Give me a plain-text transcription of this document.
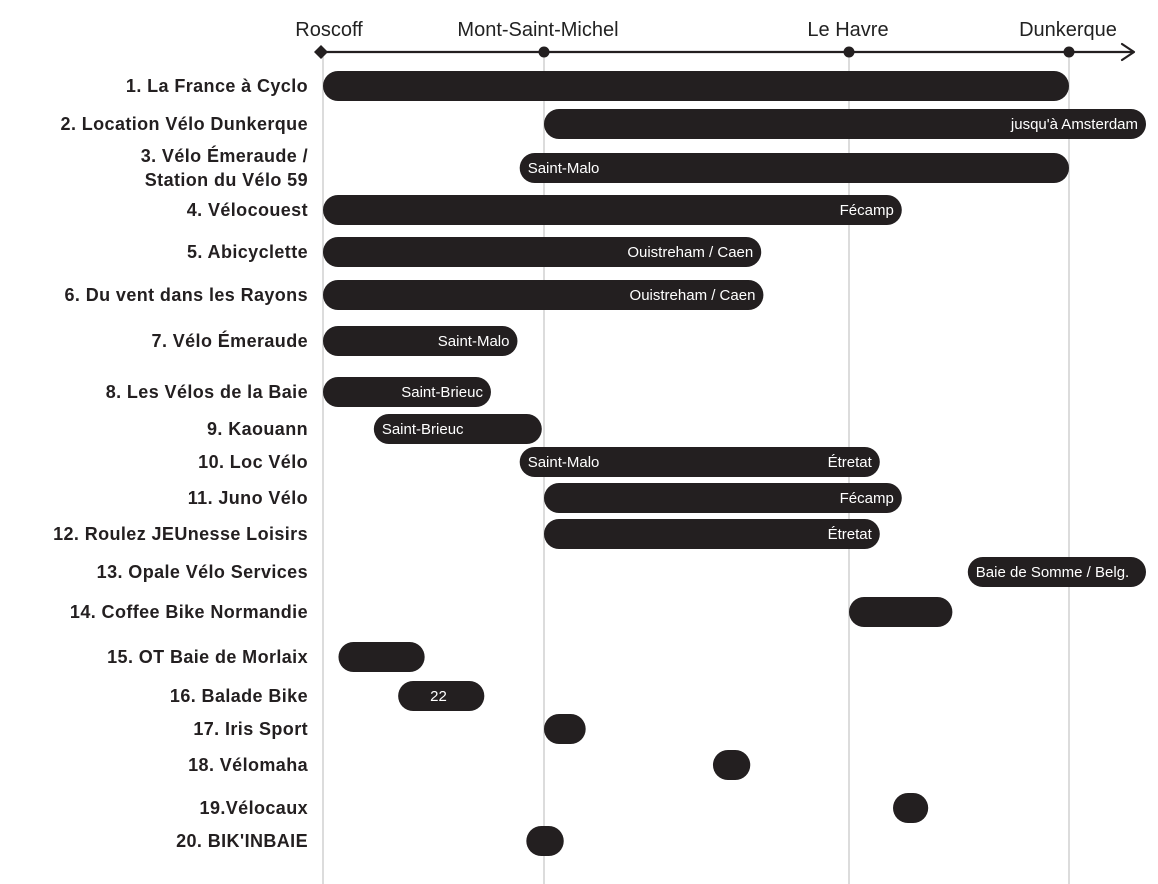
Roscoff	Mont-Saint-Michel	Le Havre	Dunkerque
jusqu'à Amsterdam
Saint-Malo
Fécamp
Ouistreham / Caen
Ouistreham / Caen
Saint-Malo
Saint-Brieuc
Saint-Brieuc
Saint-Malo	Étretat
Fécamp
Étretat
Baie de Somme / Belg.
22
1. La France à Cyclo
2. Location Vélo Dunkerque
3. Vélo Émeraude /
Station du Vélo 59
4. Vélocouest
5. Abicyclette
6. Du vent dans les Rayons
7. Vélo Émeraude
8. Les Vélos de la Baie
9. Kaouann
10. Loc Vélo
11. Juno Vélo
12. Roulez JEUnesse Loisirs
13. Opale Vélo Services
14. Coffee Bike Normandie
15. OT Baie de Morlaix
16. Balade Bike
17. Iris Sport
18. Vélomaha
19.Vélocaux
20. BIK'INBAIE
